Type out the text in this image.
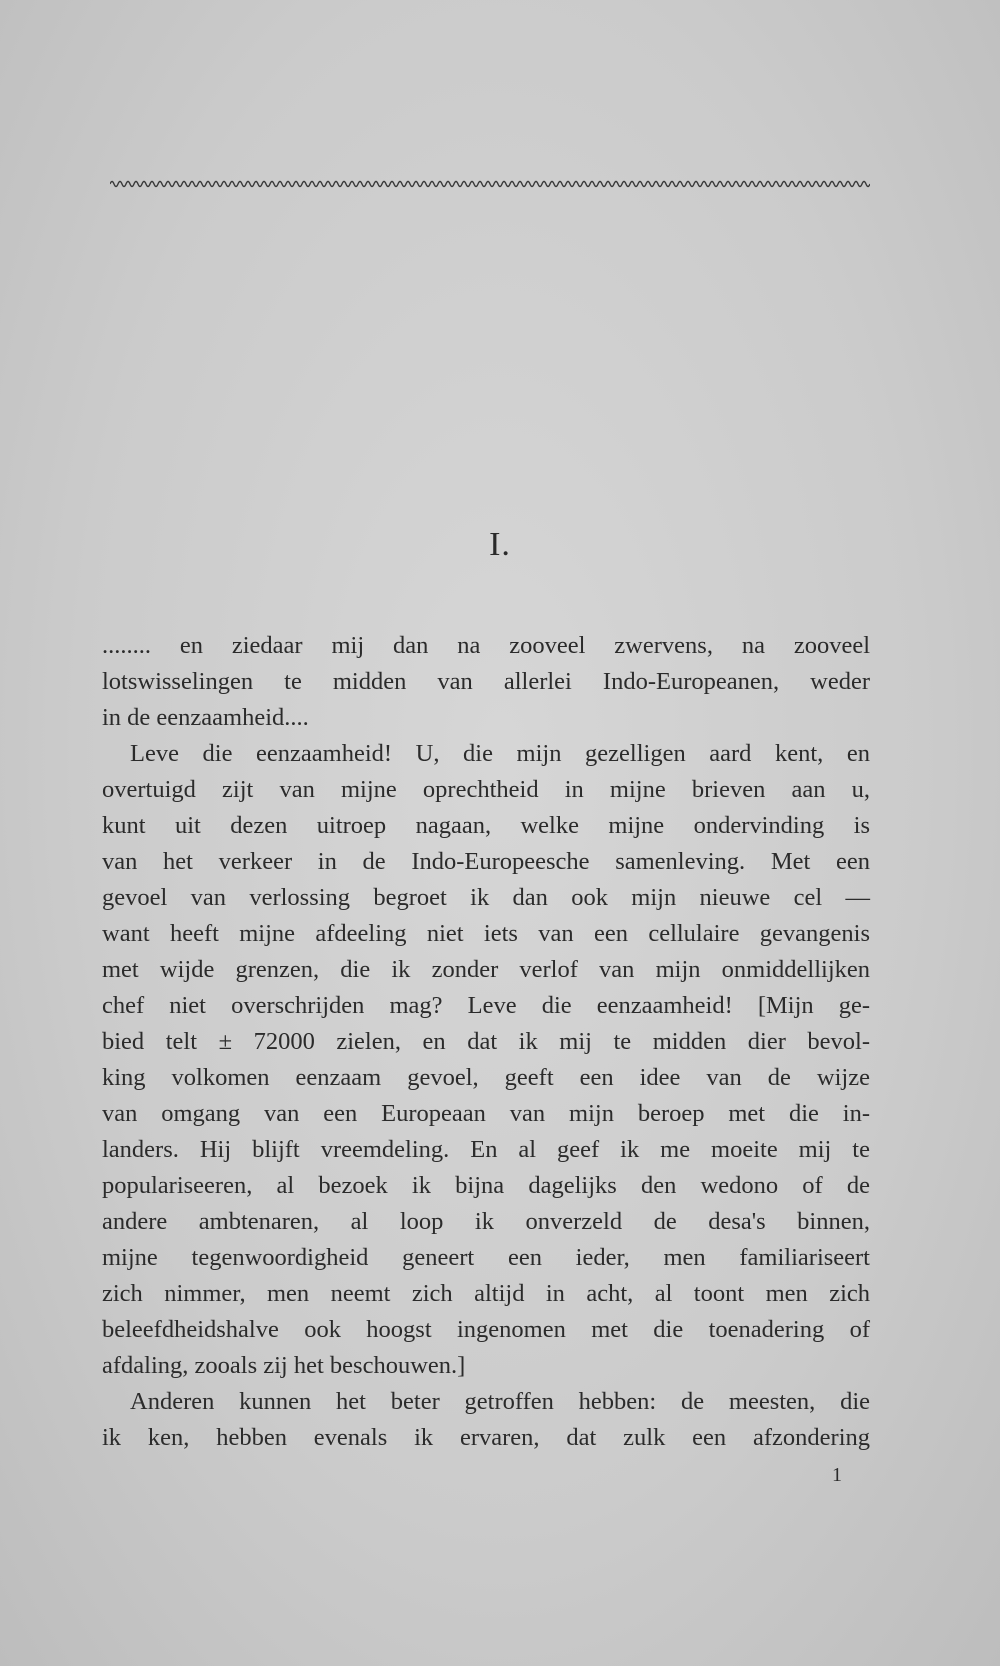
I.
........ en ziedaar mij dan na zooveel zwervens, na zooveel
lotswisselingen te midden van allerlei Indo-Europeanen, weder
in de eenzaamheid....
Leve die eenzaamheid! U, die mijn gezelligen aard kent, en
overtuigd zijt van mijne oprechtheid in mijne brieven aan u,
kunt uit dezen uitroep nagaan, welke mijne ondervinding is
van het verkeer in de Indo-Europeesche samenleving. Met een
gevoel van verlossing begroet ik dan ook mijn nieuwe cel —
want heeft mijne afdeeling niet iets van een cellulaire gevangenis
met wijde grenzen, die ik zonder verlof van mijn onmiddellijken
chef niet overschrijden mag? Leve die eenzaamheid! [Mijn ge-
bied telt ± 72000 zielen, en dat ik mij te midden dier bevol-
king volkomen eenzaam gevoel, geeft een idee van de wijze
van omgang van een Europeaan van mijn beroep met die in-
landers. Hij blijft vreemdeling. En al geef ik me moeite mij te
populariseeren, al bezoek ik bijna dagelijks den wedono of de
andere ambtenaren, al loop ik onverzeld de desa's binnen,
mijne tegenwoordigheid geneert een ieder, men familiariseert
zich nimmer, men neemt zich altijd in acht, al toont men zich
beleefdheidshalve ook hoogst ingenomen met die toenadering of
afdaling, zooals zij het beschouwen.]
Anderen kunnen het beter getroffen hebben: de meesten, die
ik ken, hebben evenals ik ervaren, dat zulk een afzondering
1
